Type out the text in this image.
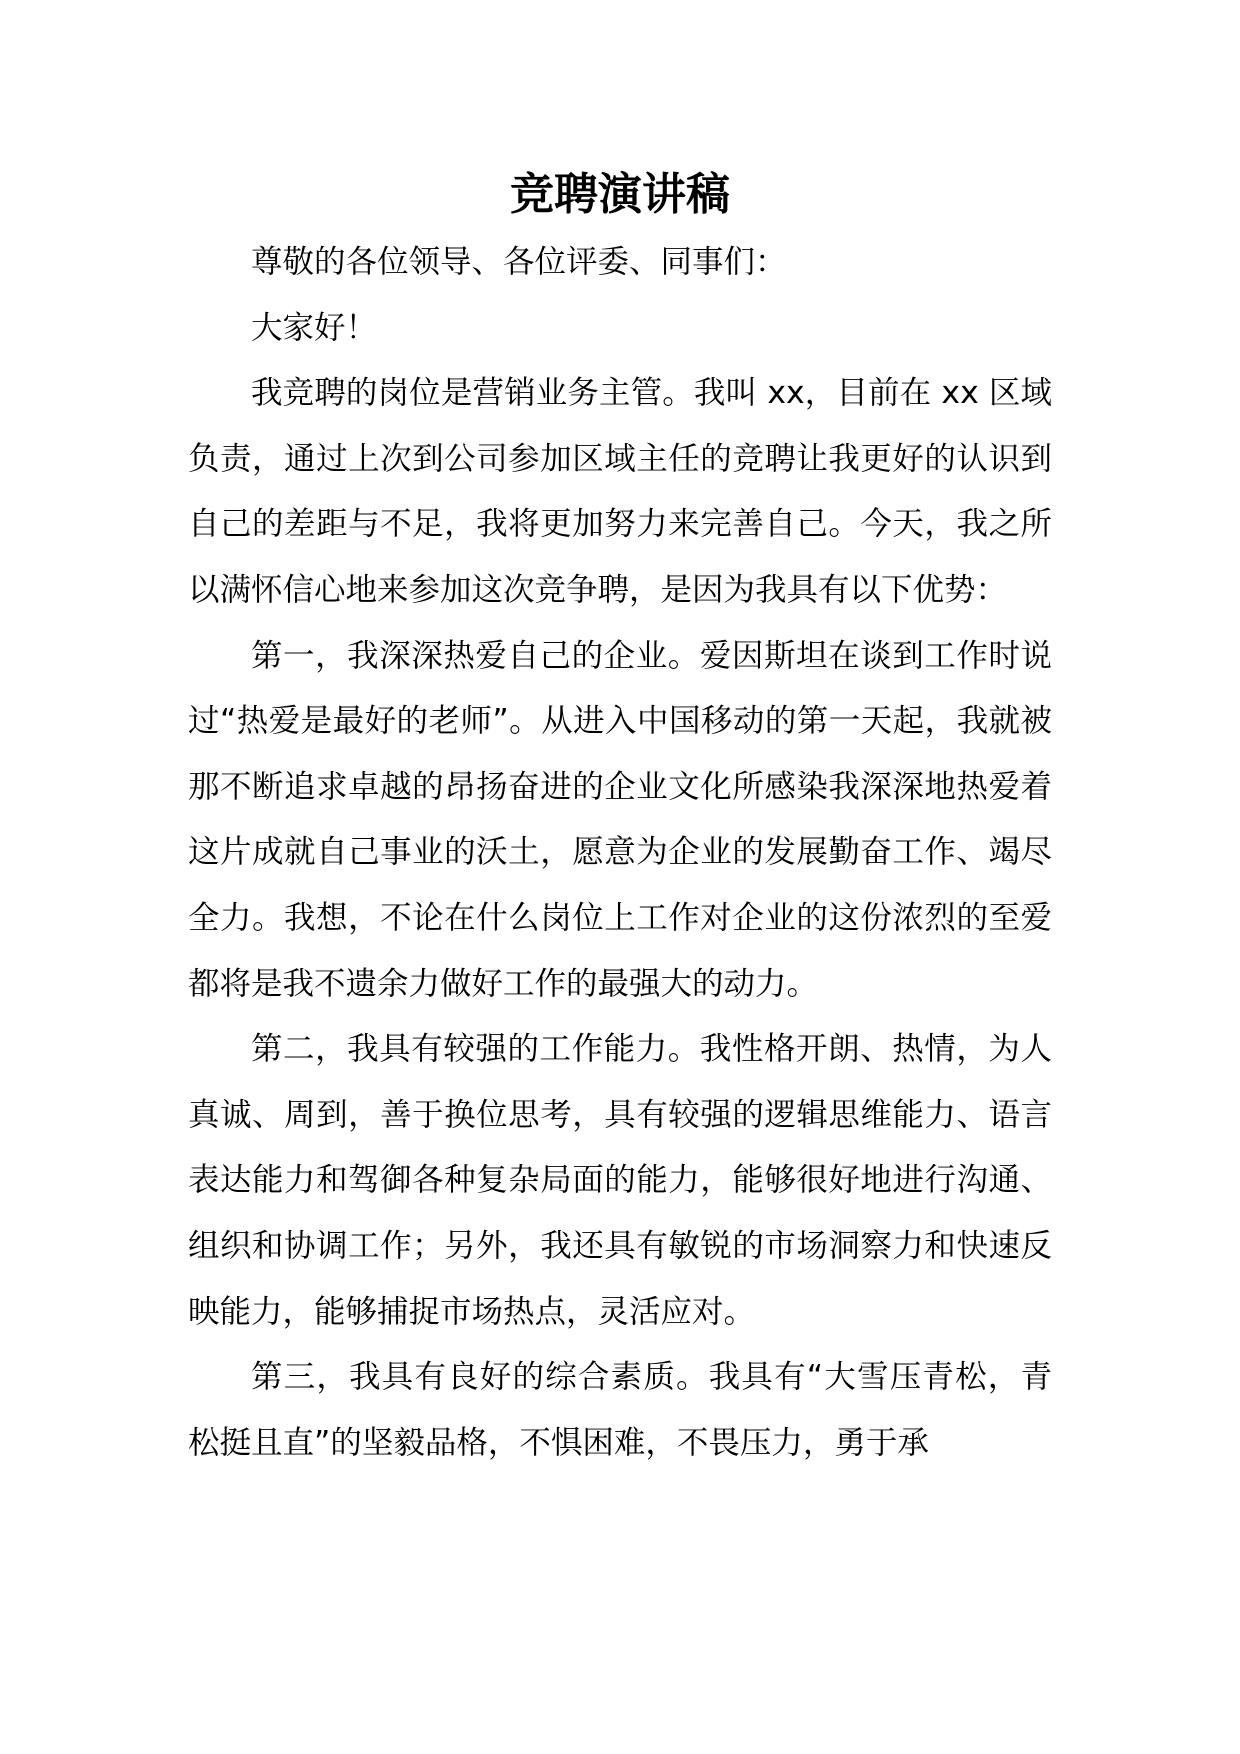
竞聘演讲稿

尊敬的各位领导、各位评委、同事们：

大家好！

我竞聘的岗位是营销业务主管。我叫 xx，目前在 xx 区域负责，通过上次到公司参加区域主任的竞聘让我更好的认识到自己的差距与不足，我将更加努力来完善自己。今天，我之所以满怀信心地来参加这次竞争聘，是因为我具有以下优势：

第一，我深深热爱自己的企业。爱因斯坦在谈到工作时说过“热爱是最好的老师”。从进入中国移动的第一天起，我就被那不断追求卓越的昂扬奋进的企业文化所感染我深深地热爱着这片成就自己事业的沃土，愿意为企业的发展勤奋工作、竭尽全力。我想，不论在什么岗位上工作对企业的这份浓烈的至爱都将是我不遗余力做好工作的最强大的动力。

第二，我具有较强的工作能力。我性格开朗、热情，为人真诚、周到，善于换位思考，具有较强的逻辑思维能力、语言表达能力和驾御各种复杂局面的能力，能够很好地进行沟通、组织和协调工作；另外，我还具有敏锐的市场洞察力和快速反映能力，能够捕捉市场热点，灵活应对。

第三，我具有良好的综合素质。我具有“大雪压青松，青松挺且直”的坚毅品格，不惧困难，不畏压力，勇于承
